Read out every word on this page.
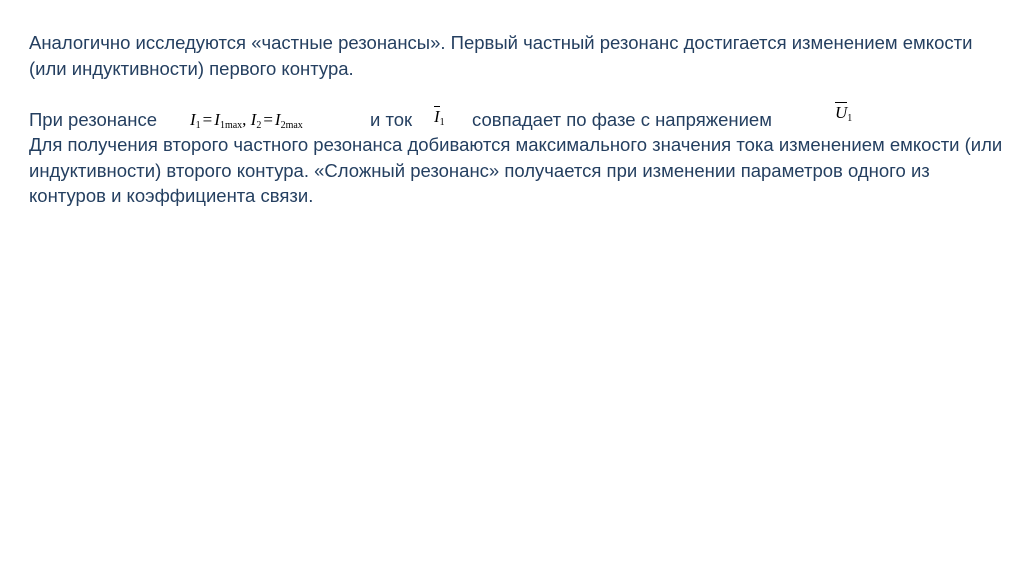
Аналогично исследуются «частные резонансы». Первый частный резонанс достигается изменением емкости (или индуктивности) первого контура.

При резонансе $I_1 = I_{1max}$, $I_2 = I_{2max}$	и ток $I_1$ совпадает по фазе с напряжением	$U_1$

Для получения второго частного резонанса добиваются максимального значения тока изменением емкости (или индуктивности) второго контура. «Сложный резонанс» получается при изменении параметров одного из контуров и коэффициента связи.
